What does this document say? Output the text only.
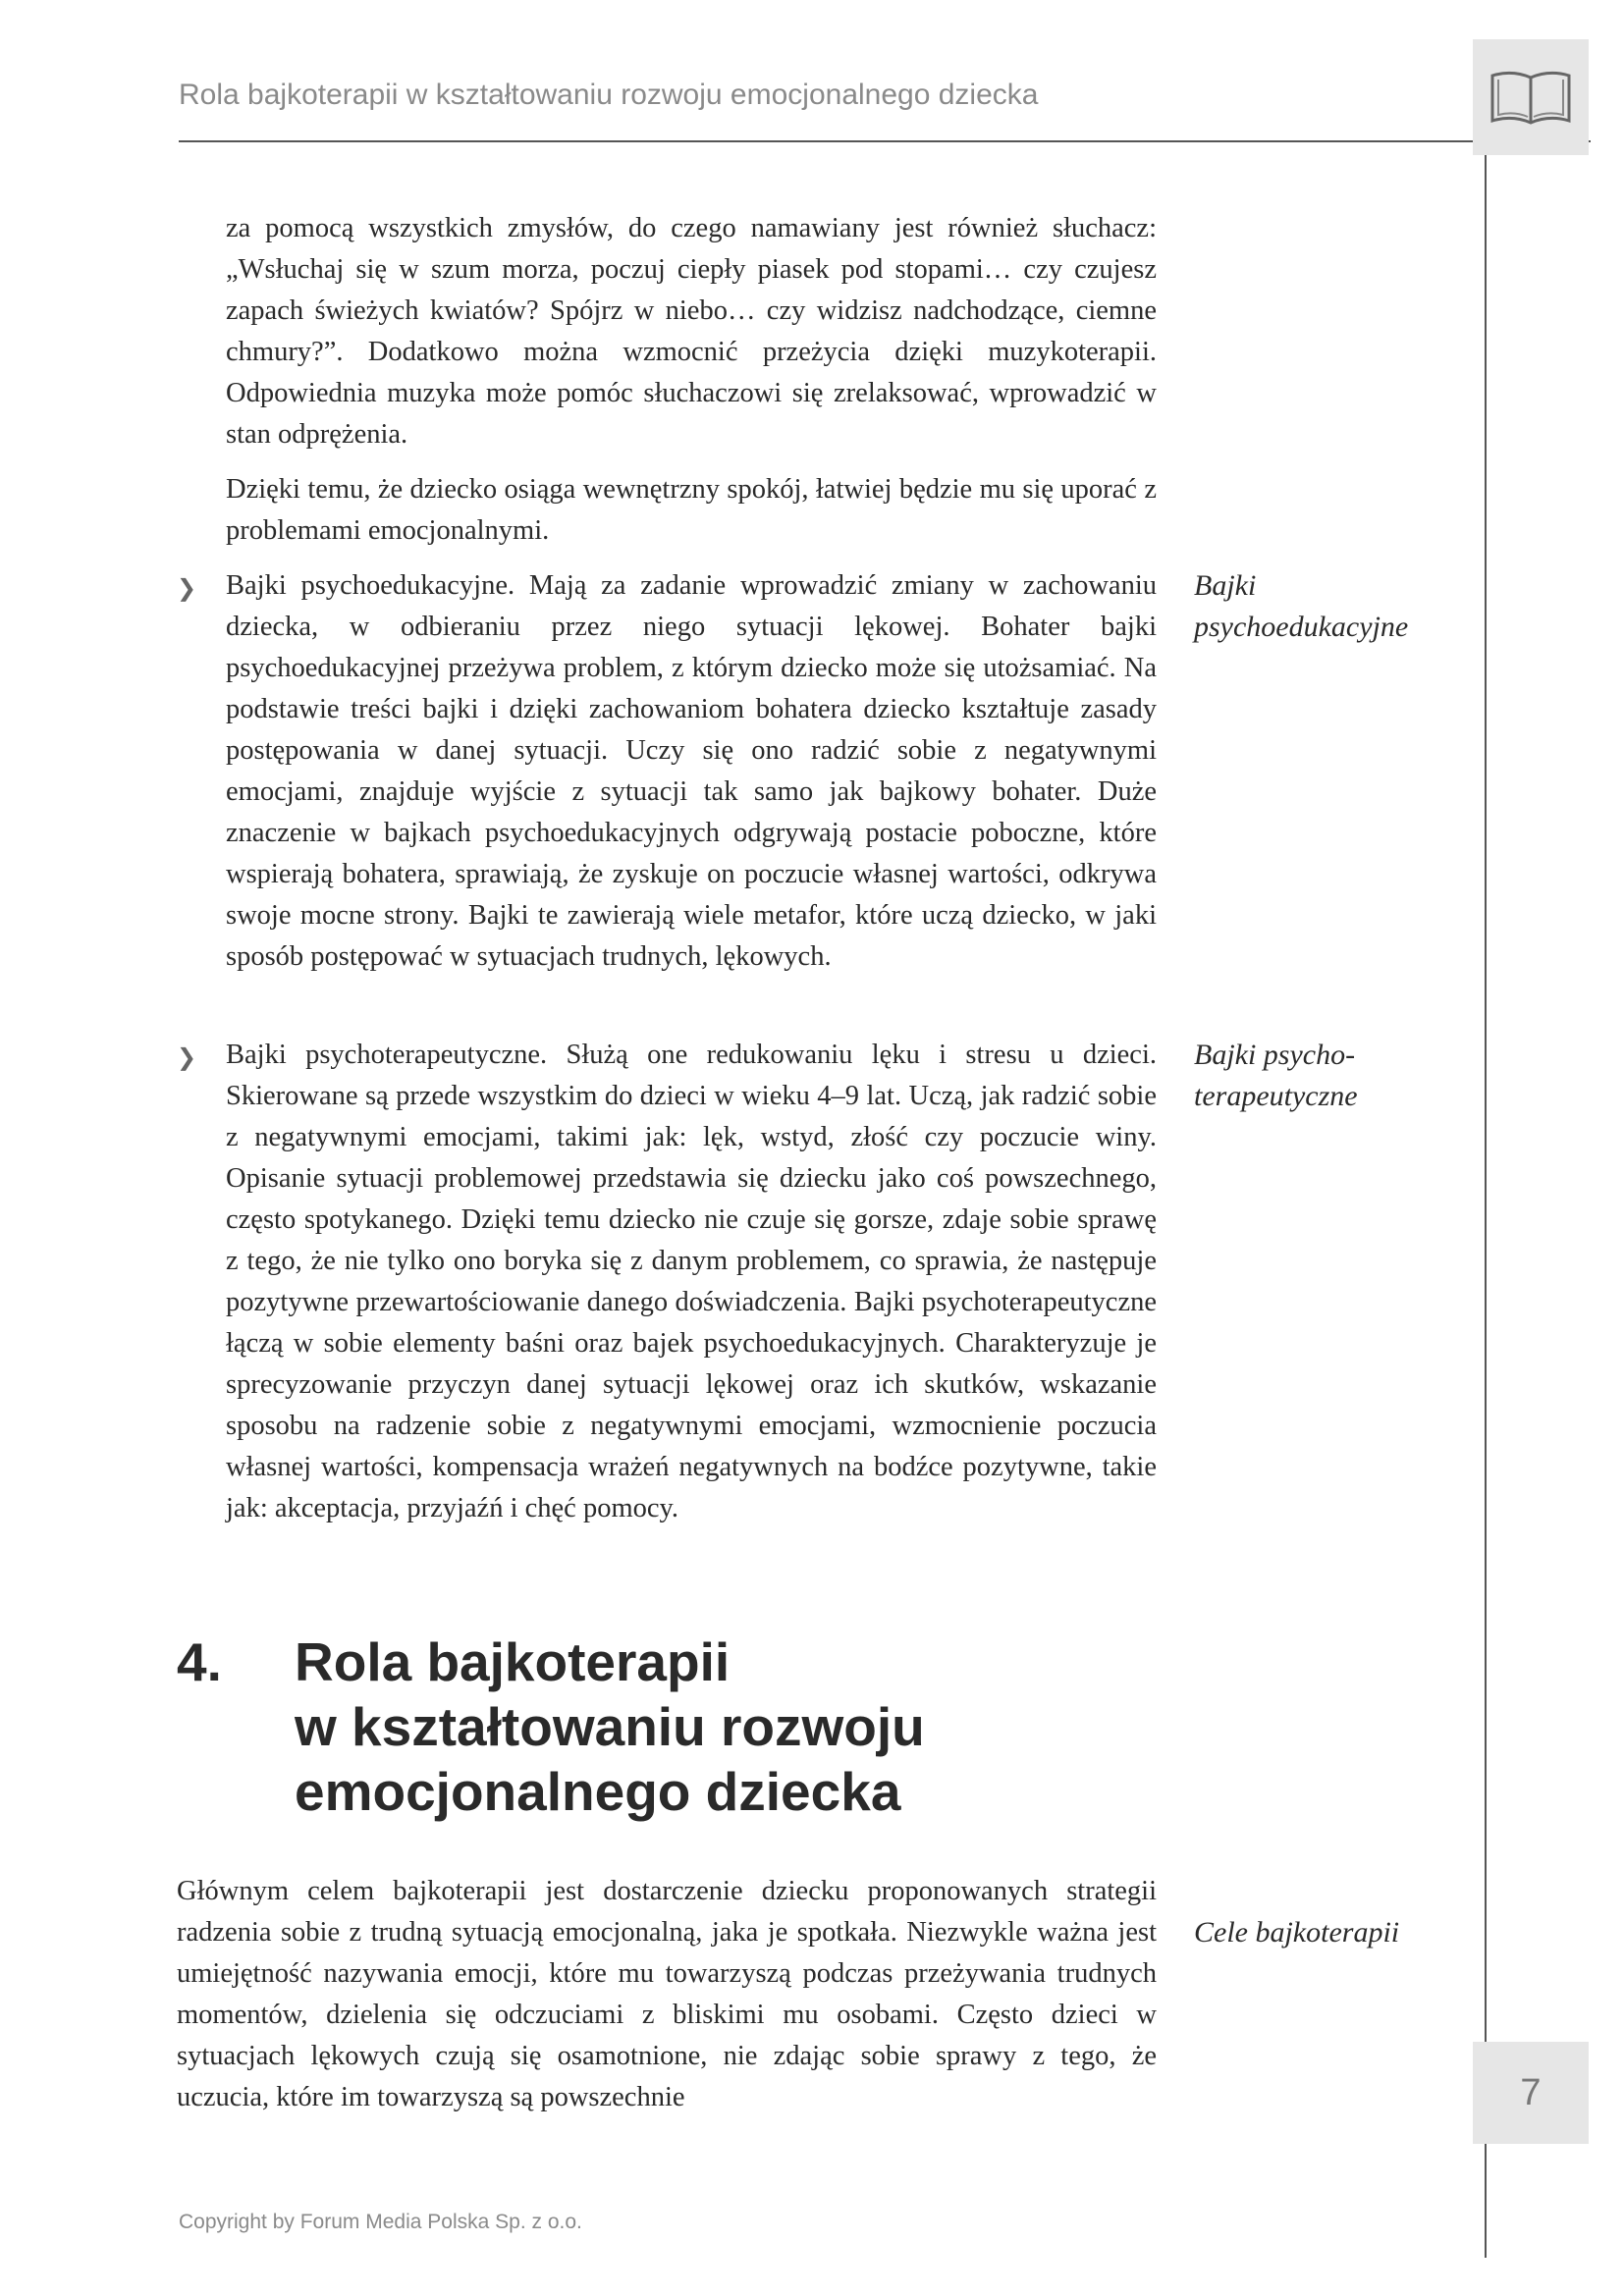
Rola bajkoterapii w kształtowaniu rozwoju emocjonalnego dziecka

za pomocą wszystkich zmysłów, do czego namawiany jest również słuchacz: „Wsłuchaj się w szum morza, poczuj ciepły piasek pod stopami… czy czujesz zapach świeżych kwiatów? Spójrz w niebo… czy widzisz nadchodzące, ciemne chmury?”. Dodatkowo można wzmocnić przeżycia dzięki muzykoterapii. Odpowiednia muzyka może pomóc słuchaczowi się zrelaksować, wprowadzić w stan odprężenia.

Dzięki temu, że dziecko osiąga wewnętrzny spokój, łatwiej będzie mu się uporać z problemami emocjonalnymi.

❯ Bajki psychoedukacyjne. Mają za zadanie wprowadzić zmiany w zachowaniu dziecka, w odbieraniu przez niego sytuacji lękowej. Bohater bajki psychoedukacyjnej przeżywa problem, z którym dziecko może się utożsamiać. Na podstawie treści bajki i dzięki zachowaniom bohatera dziecko kształtuje zasady postępowania w danej sytuacji. Uczy się ono radzić sobie z negatywnymi emocjami, znajduje wyjście z sytuacji tak samo jak bajkowy bohater. Duże znaczenie w bajkach psychoedukacyjnych odgrywają postacie poboczne, które wspierają bohatera, sprawiają, że zyskuje on poczucie własnej wartości, odkrywa swoje mocne strony. Bajki te zawierają wiele metafor, które uczą dziecko, w jaki sposób postępować w sytuacjach trudnych, lękowych.

Bajki
psychoedukacyjne
❯ Bajki psychoterapeutyczne. Służą one redukowaniu lęku i stresu u dzieci. Skierowane są przede wszystkim do dzieci w wieku 4–9 lat. Uczą, jak radzić sobie z negatywnymi emocjami, takimi jak: lęk, wstyd, złość czy poczucie winy. Opisanie sytuacji problemowej przedstawia się dziecku jako coś powszechnego, często spotykanego. Dzięki temu dziecko nie czuje się gorsze, zdaje sobie sprawę z tego, że nie tylko ono boryka się z danym problemem, co sprawia, że następuje pozytywne przewartościowanie danego doświadczenia. Bajki psychoterapeutyczne łączą w sobie elementy baśni oraz bajek psychoedukacyjnych. Charakteryzuje je sprecyzowanie przyczyn danej sytuacji lękowej oraz ich skutków, wskazanie sposobu na radzenie sobie z negatywnymi emocjami, wzmocnienie poczucia własnej wartości, kompensacja wrażeń negatywnych na bodźce pozytywne, takie jak: akceptacja, przyjaźń i chęć pomocy.

Bajki psycho-
terapeutyczne
4. Rola bajkoterapii
w kształtowaniu rozwoju
emocjonalnego dziecka

Głównym celem bajkoterapii jest dostarczenie dziecku proponowanych strategii radzenia sobie z trudną sytuacją emocjonalną, jaka je spotkała. Niezwykle ważna jest umiejętność nazywania emocji, które mu towarzyszą podczas przeżywania trudnych momentów, dzielenia się odczuciami z bliskimi mu osobami. Często dzieci w sytuacjach lękowych czują się osamotnione, nie zdając sobie sprawy z tego, że uczucia, które im towarzyszą są powszechnie

Cele bajkoterapii
7
Copyright by Forum Media Polska Sp. z o.o.
